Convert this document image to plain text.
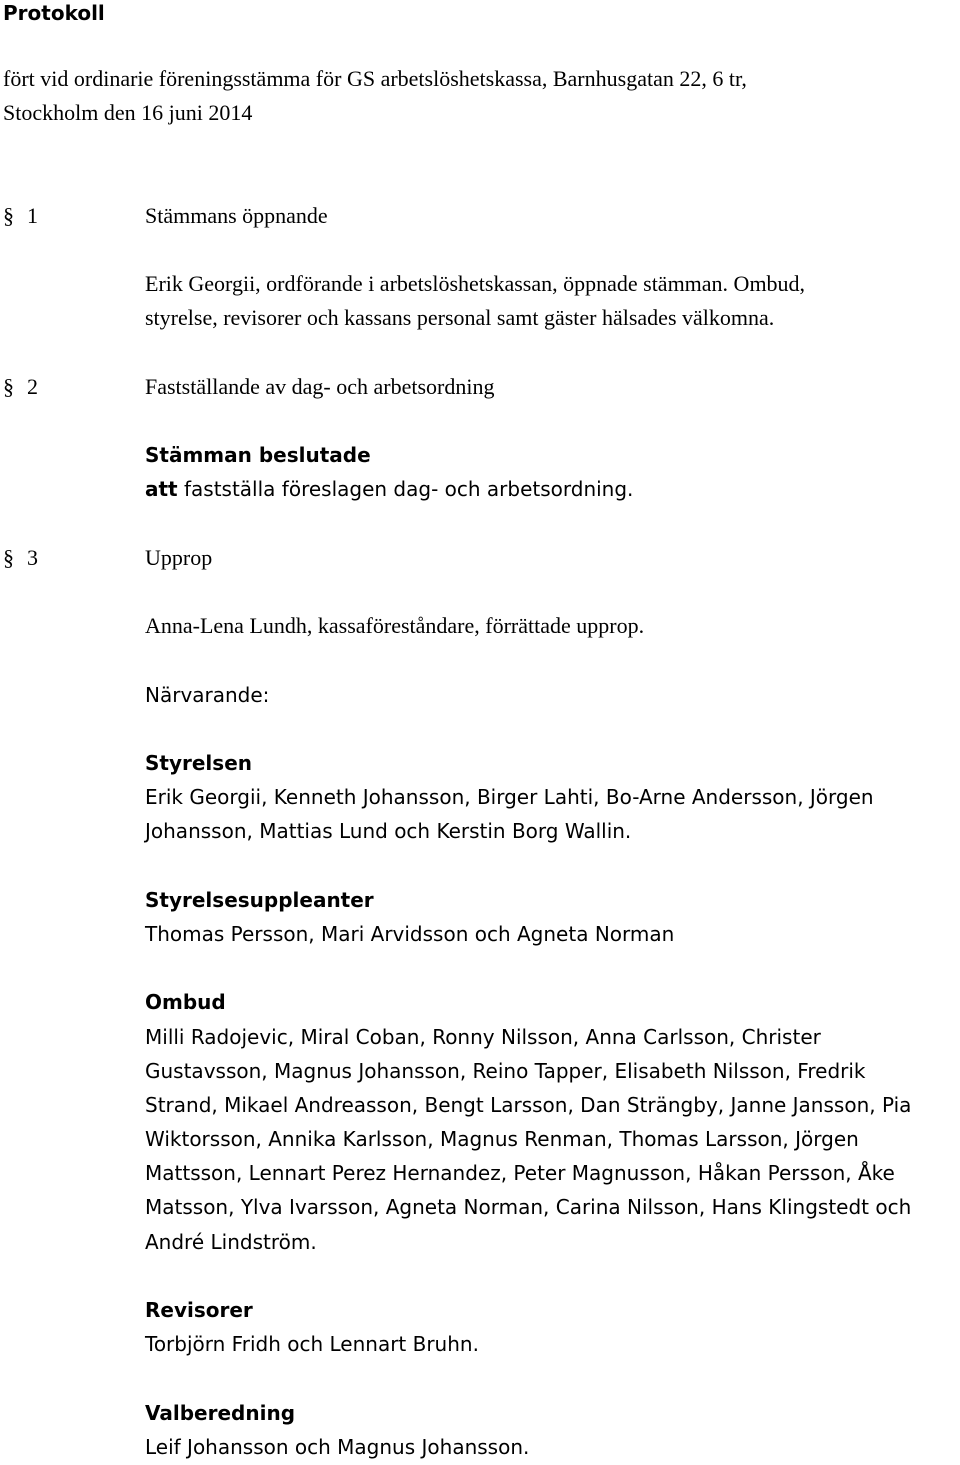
Protokoll
fört vid ordinarie föreningsstämma för GS arbetslöshetskassa, Barnhusgatan 22, 6 tr,
Stockholm den 16 juni 2014
§ 1	Stämmans öppnande
Erik Georgii, ordförande i arbetslöshetskassan, öppnade stämman. Ombud,
styrelse, revisorer och kassans personal samt gäster hälsades välkomna.
§ 2	Fastställande av dag- och arbetsordning
Stämman beslutade
att fastställa föreslagen dag- och arbetsordning.
§ 3	Upprop
Anna-Lena Lundh, kassaföreståndare, förrättade upprop.
Närvarande:
Styrelsen
Erik Georgii, Kenneth Johansson, Birger Lahti, Bo-Arne Andersson, Jörgen
Johansson, Mattias Lund och Kerstin Borg Wallin.
Styrelsesuppleanter
Thomas Persson, Mari Arvidsson och Agneta Norman
Ombud
Milli Radojevic, Miral Coban, Ronny Nilsson, Anna Carlsson, Christer
Gustavsson, Magnus Johansson, Reino Tapper, Elisabeth Nilsson, Fredrik
Strand, Mikael Andreasson, Bengt Larsson, Dan Strängby, Janne Jansson, Pia
Wiktorsson, Annika Karlsson, Magnus Renman, Thomas Larsson, Jörgen
Mattsson, Lennart Perez Hernandez, Peter Magnusson, Håkan Persson, Åke
Matsson, Ylva Ivarsson, Agneta Norman, Carina Nilsson, Hans Klingstedt och
André Lindström.
Revisorer
Torbjörn Fridh och Lennart Bruhn.
Valberedning
Leif Johansson och Magnus Johansson.
